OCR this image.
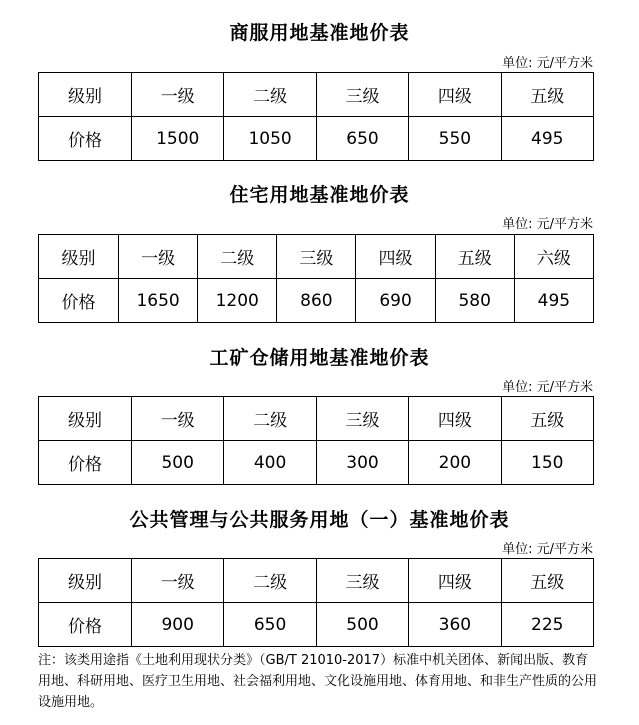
商服用地基准地价表
单位: 元/平方米
级别	一级	二级	三级	四级	五级
价格	1500	1050	650	550	495
住宅用地基准地价表
单位: 元/平方米
级别	一级	二级	三级	四级	五级	六级
价格	1650	1200	860	690	580	495
工矿仓储用地基准地价表
单位: 元/平方米
级别	一级	二级	三级	四级	五级
价格	500	400	300	200	150
公共管理与公共服务用地（一）基准地价表
单位: 元/平方米
级别	一级	二级	三级	四级	五级
价格	900	650	500	360	225
注：该类用途指《土地利用现状分类》（GB/T 21010-2017）标准中机关团体、新闻出版、教育用地、科研用地、医疗卫生用地、社会福利用地、文化设施用地、体育用地、和非生产性质的公用设施用地。
